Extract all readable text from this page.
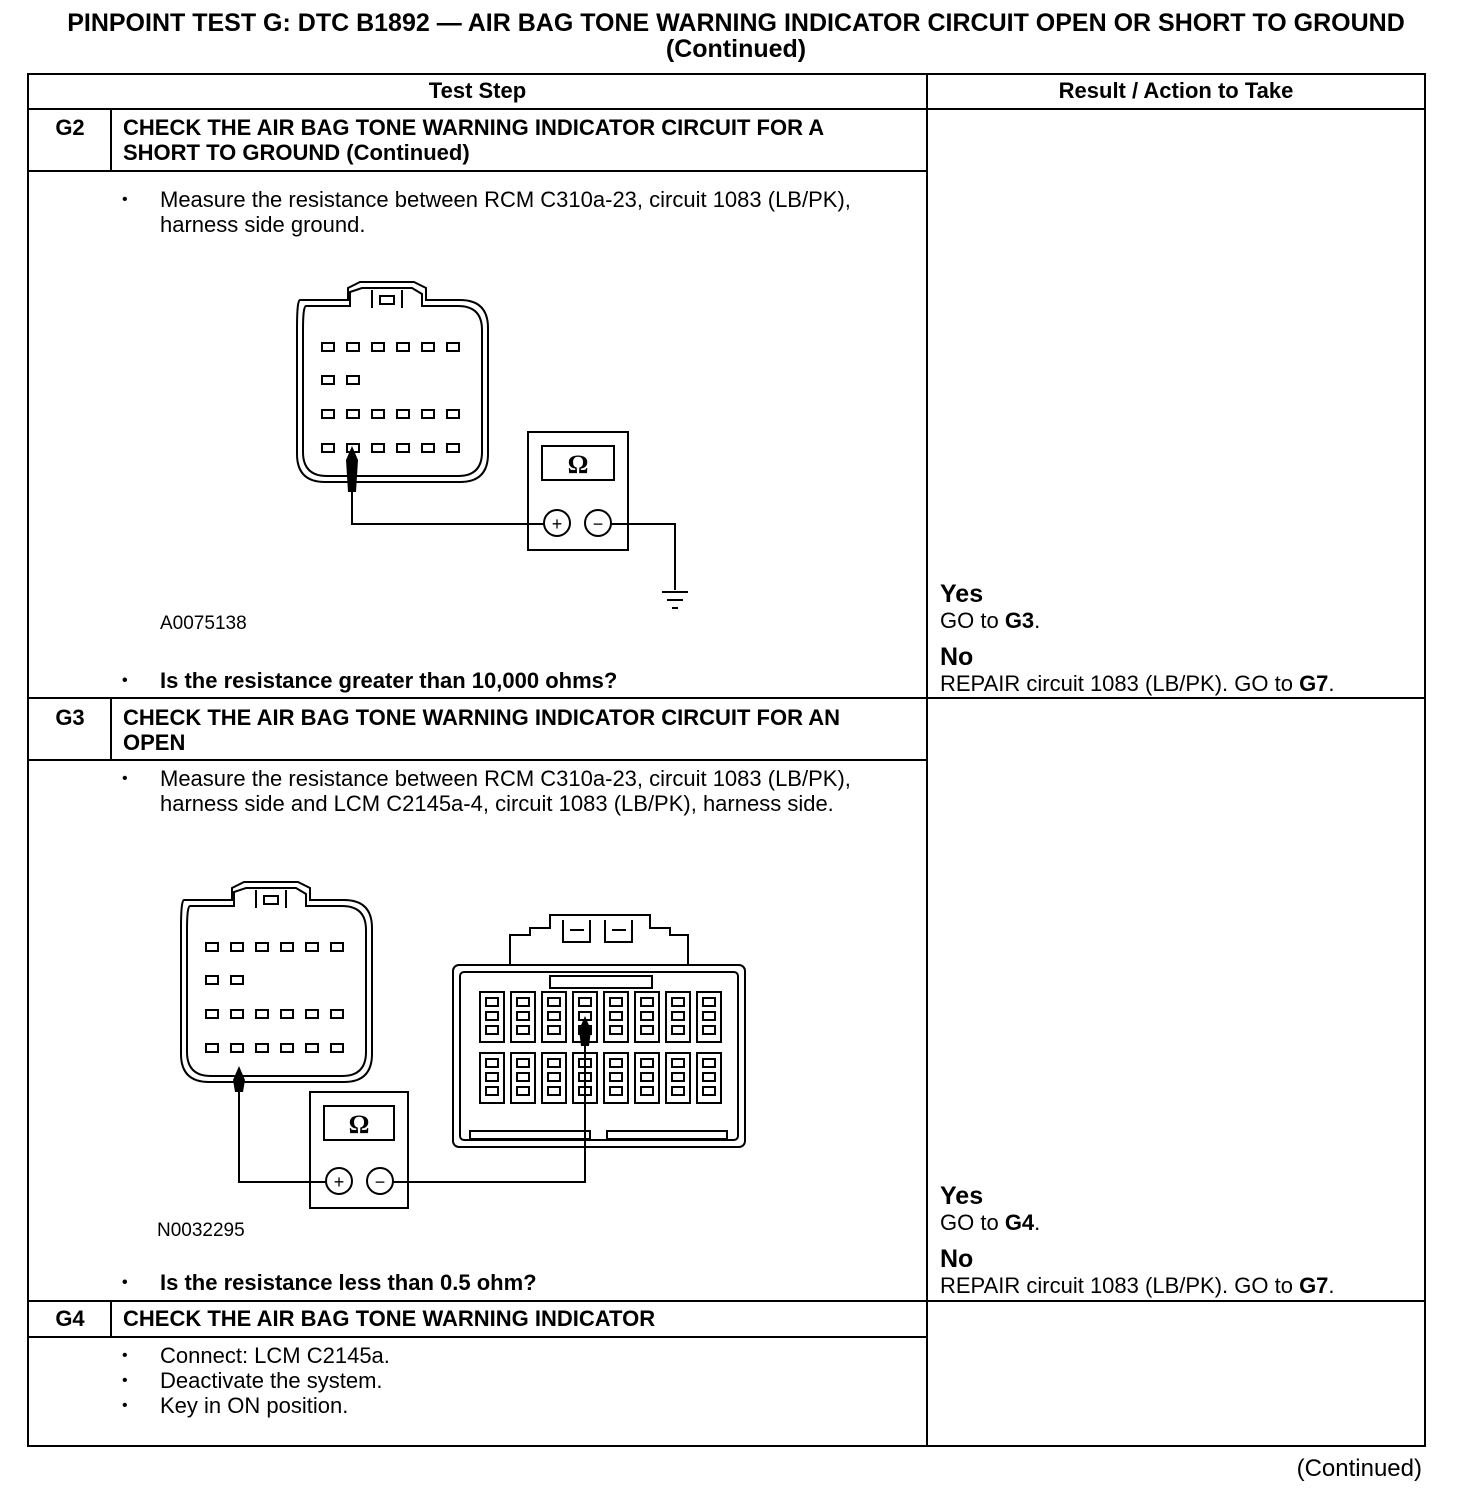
PINPOINT TEST G: DTC B1892 — AIR BAG TONE WARNING INDICATOR CIRCUIT OPEN OR SHORT TO GROUND (Continued)
Test Step	Result / Action to Take
G2	CHECK THE AIR BAG TONE WARNING INDICATOR CIRCUIT FOR A SHORT TO GROUND (Continued)
• Measure the resistance between RCM C310a-23, circuit 1083 (LB/PK), harness side ground.
Ω
+ −
A0075138
• Is the resistance greater than 10,000 ohms?
Yes
GO to G3.
No
REPAIR circuit 1083 (LB/PK). GO to G7.
G3	CHECK THE AIR BAG TONE WARNING INDICATOR CIRCUIT FOR AN OPEN
• Measure the resistance between RCM C310a-23, circuit 1083 (LB/PK), harness side and LCM C2145a-4, circuit 1083 (LB/PK), harness side.
Ω
+ −
N0032295
• Is the resistance less than 0.5 ohm?
Yes
GO to G4.
No
REPAIR circuit 1083 (LB/PK). GO to G7.
G4	CHECK THE AIR BAG TONE WARNING INDICATOR
• Connect: LCM C2145a.
• Deactivate the system.
• Key in ON position.
(Continued)
